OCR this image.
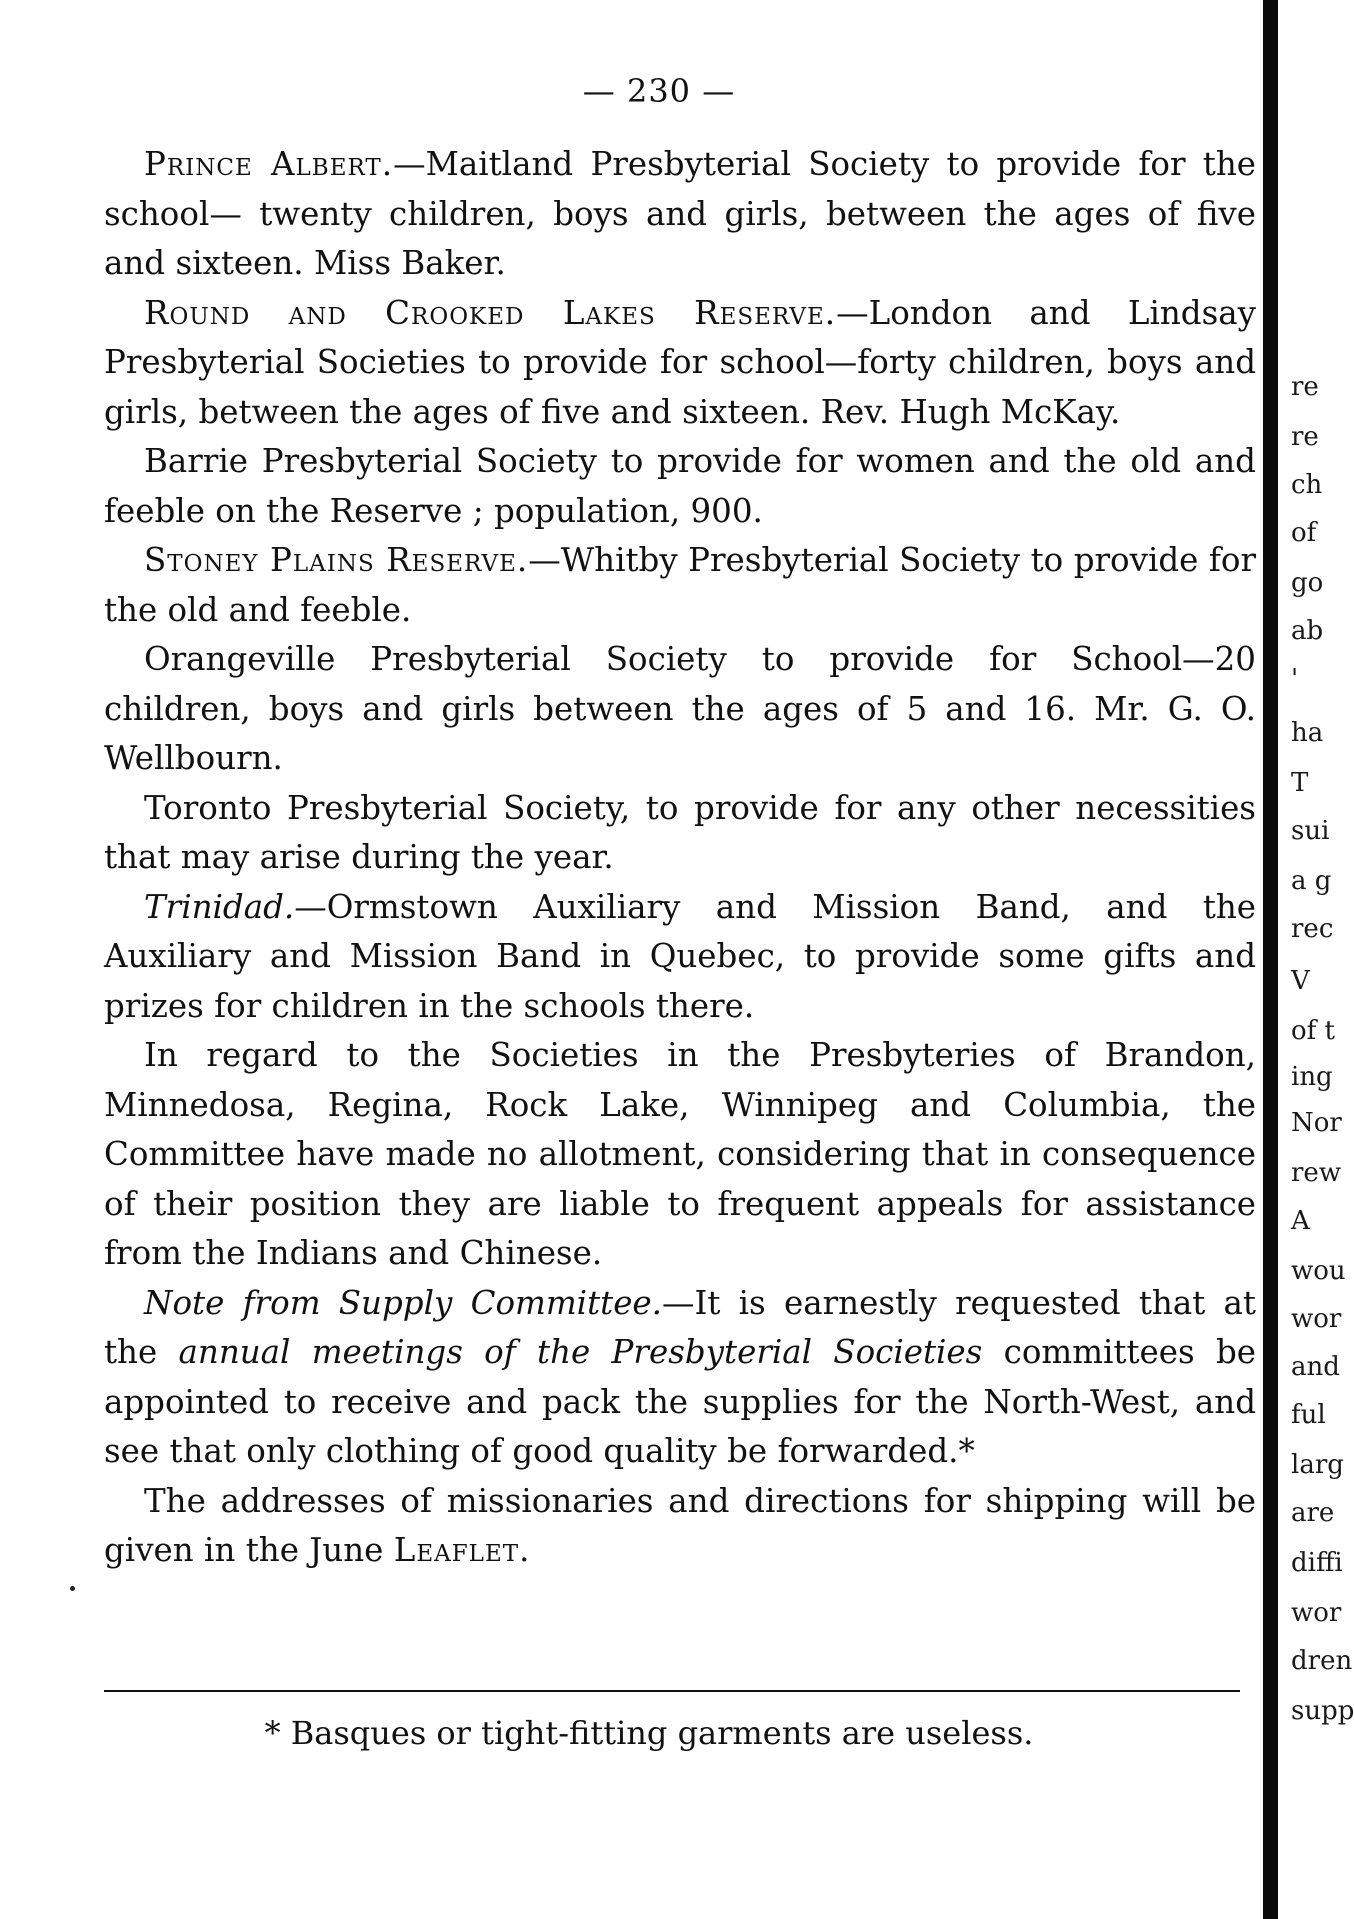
— 230 —

Prince Albert.—Maitland Presbyterial Society to provide for the school— twenty children, boys and girls, between the ages of five and sixteen. Miss Baker.

Round and Crooked Lakes Reserve.—London and Lindsay Presbyterial Societies to provide for school—forty children, boys and girls, between the ages of five and sixteen. Rev. Hugh McKay.

Barrie Presbyterial Society to provide for women and the old and feeble on the Reserve ; population, 900.

Stoney Plains Reserve.—Whitby Presbyterial Society to provide for the old and feeble.

Orangeville Presbyterial Society to provide for School—20 children, boys and girls between the ages of 5 and 16. Mr. G. O. Wellbourn.

Toronto Presbyterial Society, to provide for any other necessities that may arise during the year.

Trinidad.—Ormstown Auxiliary and Mission Band, and the Auxiliary and Mission Band in Quebec, to provide some gifts and prizes for children in the schools there.

In regard to the Societies in the Presbyteries of Brandon, Minnedosa, Regina, Rock Lake, Winnipeg and Columbia, the Committee have made no allotment, considering that in consequence of their position they are liable to frequent appeals for assistance from the Indians and Chinese.

Note from Supply Committee.—It is earnestly requested that at the annual meetings of the Presbyterial Societies committees be appointed to receive and pack the supplies for the North-West, and see that only clothing of good quality be forwarded.*

The addresses of missionaries and directions for shipping will be given in the June Leaflet.

* Basques or tight-fitting garments are useless.
re
re
ch
of
go
ab
'
ha
T
sui
a g
rec
V
of t
ing
Nor
rew
A
wou
wor
and
ful
larg
are
diffi
wor
dren
supp
